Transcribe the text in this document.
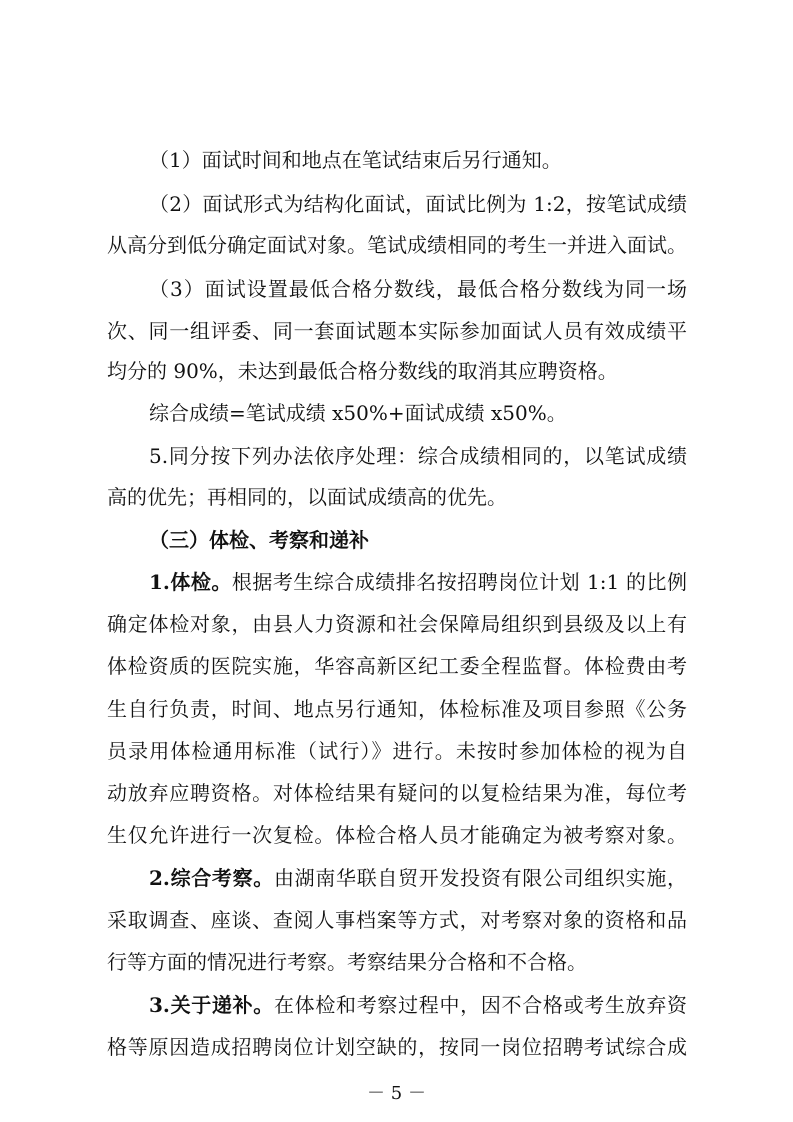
（1）面试时间和地点在笔试结束后另行通知。
（2）面试形式为结构化面试，面试比例为 1:2，按笔试成绩
从高分到低分确定面试对象。笔试成绩相同的考生一并进入面试。
（3）面试设置最低合格分数线，最低合格分数线为同一场
次、同一组评委、同一套面试题本实际参加面试人员有效成绩平
均分的 90%，未达到最低合格分数线的取消其应聘资格。
综合成绩=笔试成绩 x50%+面试成绩 x50%。
5.同分按下列办法依序处理：综合成绩相同的，以笔试成绩
高的优先；再相同的，以面试成绩高的优先。
（三）体检、考察和递补
1.体检。根据考生综合成绩排名按招聘岗位计划 1:1 的比例
确定体检对象，由县人力资源和社会保障局组织到县级及以上有
体检资质的医院实施，华容高新区纪工委全程监督。体检费由考
生自行负责，时间、地点另行通知，体检标准及项目参照《公务
员录用体检通用标准（试行）》进行。未按时参加体检的视为自
动放弃应聘资格。对体检结果有疑问的以复检结果为准，每位考
生仅允许进行一次复检。体检合格人员才能确定为被考察对象。
2.综合考察。由湖南华联自贸开发投资有限公司组织实施，
采取调查、座谈、查阅人事档案等方式，对考察对象的资格和品
行等方面的情况进行考察。考察结果分合格和不合格。
3.关于递补。在体检和考察过程中，因不合格或考生放弃资
格等原因造成招聘岗位计划空缺的，按同一岗位招聘考试综合成
－ 5 －
